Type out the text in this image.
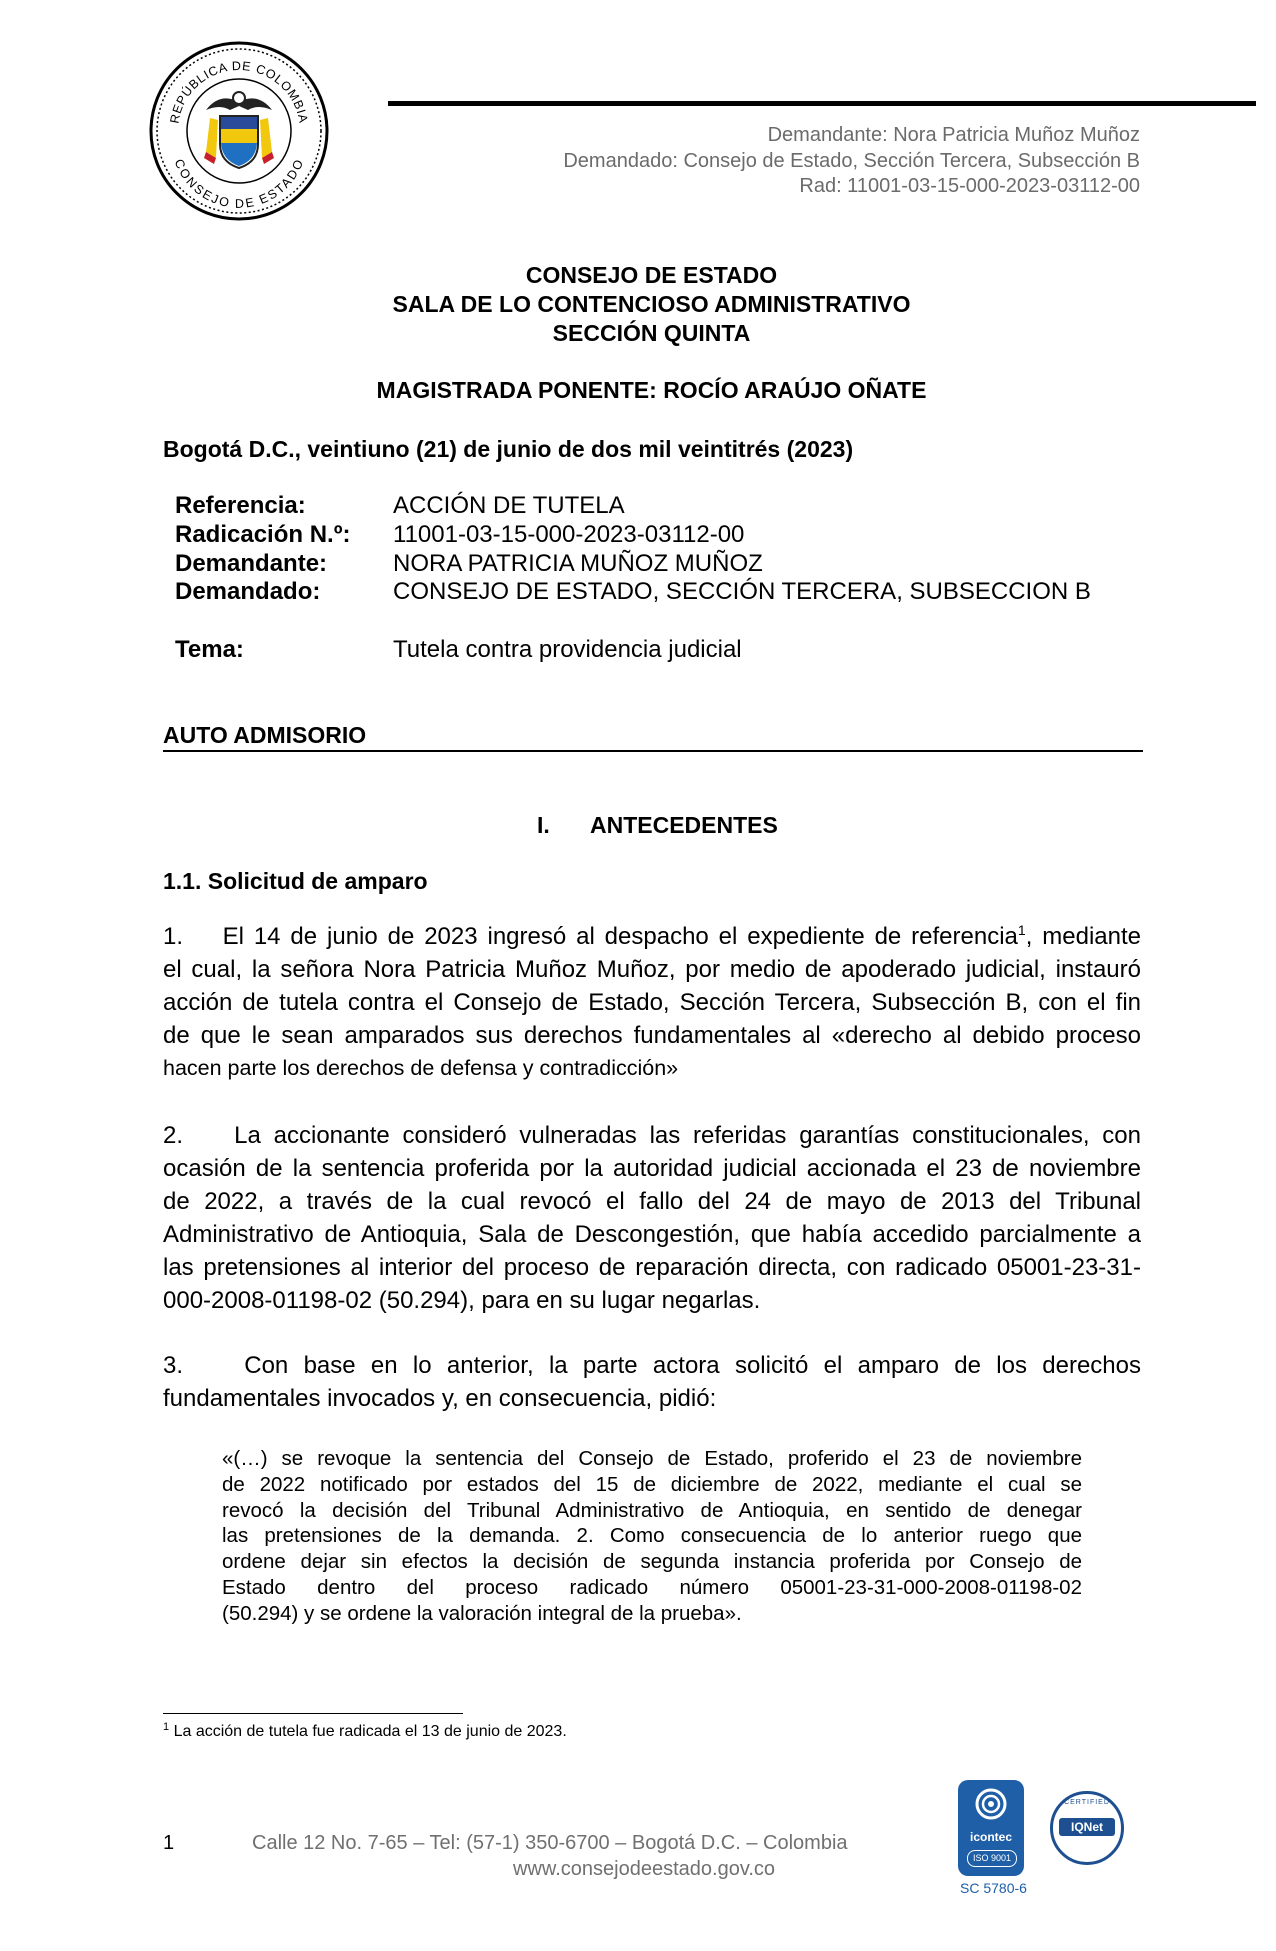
REPÚBLICA DE COLOMBIA
CONSEJO DE ESTADO
Demandante: Nora Patricia Muñoz Muñoz
Demandado: Consejo de Estado, Sección Tercera, Subsección B
Rad: 11001-03-15-000-2023-03112-00
CONSEJO DE ESTADO
SALA DE LO CONTENCIOSO ADMINISTRATIVO
SECCIÓN QUINTA
MAGISTRADA PONENTE: ROCÍO ARAÚJO OÑATE
Bogotá D.C., veintiuno (21) de junio de dos mil veintitrés (2023)
Referencia:	ACCIÓN DE TUTELA
Radicación N.º: 11001-03-15-000-2023-03112-00
Demandante:	NORA PATRICIA MUÑOZ MUÑOZ
Demandado:	CONSEJO DE ESTADO, SECCIÓN TERCERA, SUBSECCION B
Tema:	Tutela contra providencia judicial
AUTO ADMISORIO
I. ANTECEDENTES
1.1. Solicitud de amparo
1.    El 14 de junio de 2023 ingresó al despacho el expediente de referencia$^1$, mediante
el cual, la señora Nora Patricia Muñoz Muñoz, por medio de apoderado judicial, instauró
acción de tutela contra el Consejo de Estado, Sección Tercera, Subsección B, con el fin
de que le sean amparados sus derechos fundamentales al «derecho al debido proceso
hacen parte los derechos de defensa y contradicción»
2.    La accionante consideró vulneradas las referidas garantías constitucionales, con
ocasión de la sentencia proferida por la autoridad judicial accionada el 23 de noviembre
de 2022, a través de la cual revocó el fallo del 24 de mayo de 2013 del Tribunal
Administrativo de Antioquia, Sala de Descongestión, que había accedido parcialmente a
las pretensiones al interior del proceso de reparación directa, con radicado 05001-23-31-
000-2008-01198-02 (50.294), para en su lugar negarlas.
3.    Con base en lo anterior, la parte actora solicitó el amparo de los derechos
fundamentales invocados y, en consecuencia, pidió:
«(…) se revoque la sentencia del Consejo de Estado, proferido el 23 de noviembre
de 2022 notificado por estados del 15 de diciembre de 2022, mediante el cual se
revocó la decisión del Tribunal Administrativo de Antioquia, en sentido de denegar
las pretensiones de la demanda. 2. Como consecuencia de lo anterior ruego que
ordene dejar sin efectos la decisión de segunda instancia proferida por Consejo de
Estado dentro del proceso radicado número 05001-23-31-000-2008-01198-02
(50.294) y se ordene la valoración integral de la prueba».
$^1$ La acción de tutela fue radicada el 13 de junio de 2023.
1	Calle 12 No. 7-65 – Tel: (57-1) 350-6700 – Bogotá D.C. – Colombia
www.consejodeestado.gov.co
icontec
ISO 9001
SC 5780-6
CERTIFIED
IQNet
